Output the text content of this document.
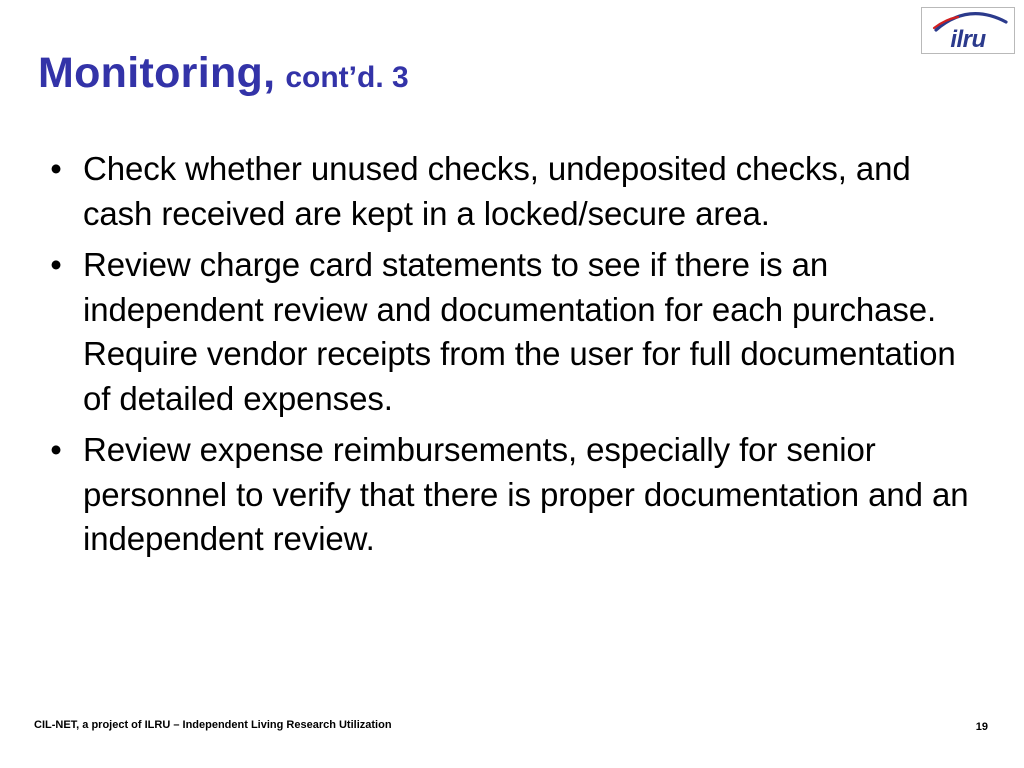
Monitoring, cont’d. 3
ilru
• Check whether unused checks, undeposited checks, and cash received are kept in a locked/secure area.
• Review charge card statements to see if there is an independent review and documentation for each purchase. Require vendor receipts from the user for full documentation of detailed expenses.
• Review expense reimbursements, especially for senior personnel to verify that there is proper documentation and an independent review.
CIL-NET, a project of ILRU – Independent Living Research Utilization	19
